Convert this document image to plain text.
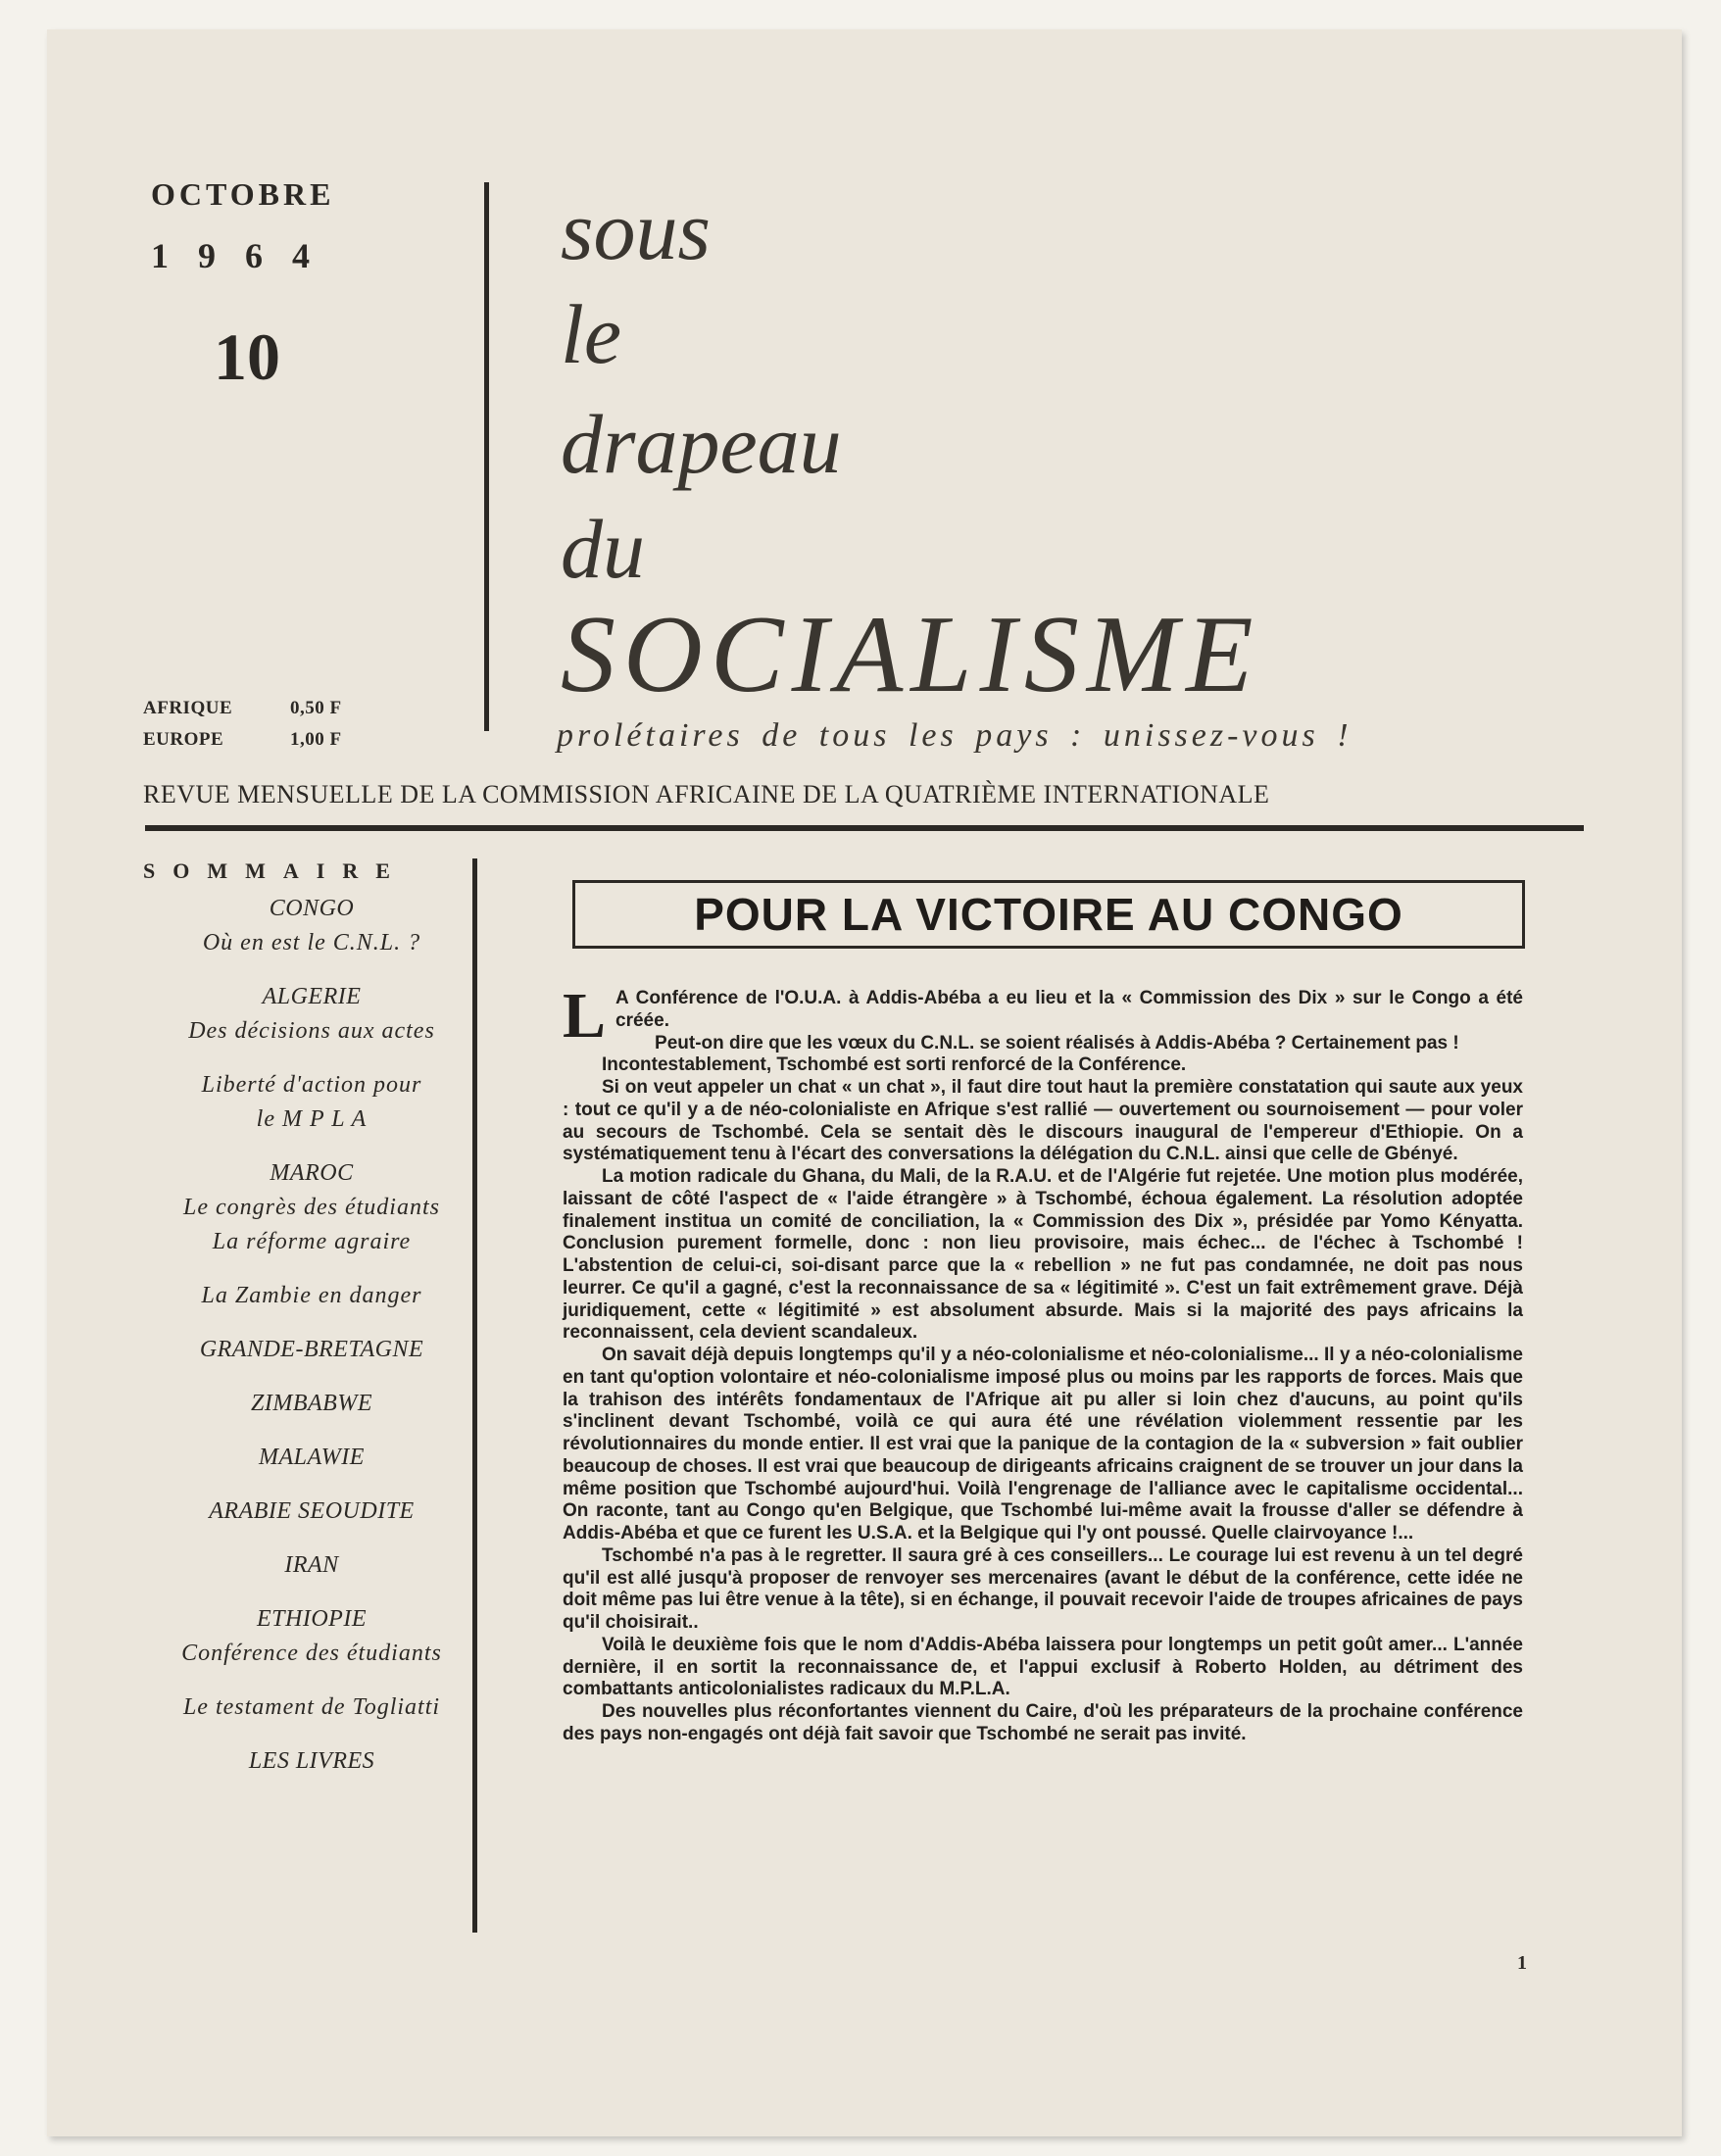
OCTOBRE
1964
10
AFRIQUE	0,50 F
EUROPE	1,00 F
sous
le
drapeau
du
SOCIALISME
prolétaires de tous les pays : unissez-vous !
REVUE MENSUELLE DE LA COMMISSION AFRICAINE DE LA QUATRIÈME INTERNATIONALE
SOMMAIRE
CONGO
Où en est le C.N.L. ?
ALGERIE
Des décisions aux actes
Liberté d'action pour
le M P L A
MAROC
Le congrès des étudiants
La réforme agraire
La Zambie en danger
GRANDE-BRETAGNE
ZIMBABWE
MALAWIE
ARABIE SEOUDITE
IRAN
ETHIOPIE
Conférence des étudiants
Le testament de Togliatti
LES LIVRES
POUR LA VICTOIRE AU CONGO

L A Conférence de l'O.U.A. à Addis-Abéba a eu lieu et la « Commission des Dix » sur le Congo a été créée.

Peut-on dire que les vœux du C.N.L. se soient réalisés à Addis-Abéba ? Certainement pas !

Incontestablement, Tschombé est sorti renforcé de la Conférence.

Si on veut appeler un chat « un chat », il faut dire tout haut la première constatation qui saute aux yeux : tout ce qu'il y a de néo-colonialiste en Afrique s'est rallié — ouvertement ou sournoisement — pour voler au secours de Tschombé. Cela se sentait dès le discours inaugural de l'empereur d'Ethiopie. On a systématiquement tenu à l'écart des conversations la délégation du C.N.L. ainsi que celle de Gbényé.

La motion radicale du Ghana, du Mali, de la R.A.U. et de l'Algérie fut rejetée. Une motion plus modérée, laissant de côté l'aspect de « l'aide étrangère » à Tschombé, échoua également. La résolution adoptée finalement institua un comité de conciliation, la « Commission des Dix », présidée par Yomo Kényatta. Conclusion purement formelle, donc : non lieu provisoire, mais échec... de l'échec à Tschombé ! L'abstention de celui-ci, soi-disant parce que la « rebellion » ne fut pas condamnée, ne doit pas nous leurrer. Ce qu'il a gagné, c'est la reconnaissance de sa « légitimité ». C'est un fait extrêmement grave. Déjà juridiquement, cette « légitimité » est absolument absurde. Mais si la majorité des pays africains la reconnaissent, cela devient scandaleux.

On savait déjà depuis longtemps qu'il y a néo-colonialisme et néo-colonialisme... Il y a néo-colonialisme en tant qu'option volontaire et néo-colonialisme imposé plus ou moins par les rapports de forces. Mais que la trahison des intérêts fondamentaux de l'Afrique ait pu aller si loin chez d'aucuns, au point qu'ils s'inclinent devant Tschombé, voilà ce qui aura été une révélation violemment ressentie par les révolutionnaires du monde entier. Il est vrai que la panique de la contagion de la « subversion » fait oublier beaucoup de choses. Il est vrai que beaucoup de dirigeants africains craignent de se trouver un jour dans la même position que Tschombé aujourd'hui. Voilà l'engrenage de l'alliance avec le capitalisme occidental... On raconte, tant au Congo qu'en Belgique, que Tschombé lui-même avait la frousse d'aller se défendre à Addis-Abéba et que ce furent les U.S.A. et la Belgique qui l'y ont poussé. Quelle clairvoyance !...

Tschombé n'a pas à le regretter. Il saura gré à ces conseillers... Le courage lui est revenu à un tel degré qu'il est allé jusqu'à proposer de renvoyer ses mercenaires (avant le début de la conférence, cette idée ne doit même pas lui être venue à la tête), si en échange, il pouvait recevoir l'aide de troupes africaines de pays qu'il choisirait..

Voilà le deuxième fois que le nom d'Addis-Abéba laissera pour longtemps un petit goût amer... L'année dernière, il en sortit la reconnaissance de, et l'appui exclusif à Roberto Holden, au détriment des combattants anticolonialistes radicaux du M.P.L.A.

Des nouvelles plus réconfortantes viennent du Caire, d'où les préparateurs de la prochaine conférence des pays non-engagés ont déjà fait savoir que Tschombé ne serait pas invité.

1
